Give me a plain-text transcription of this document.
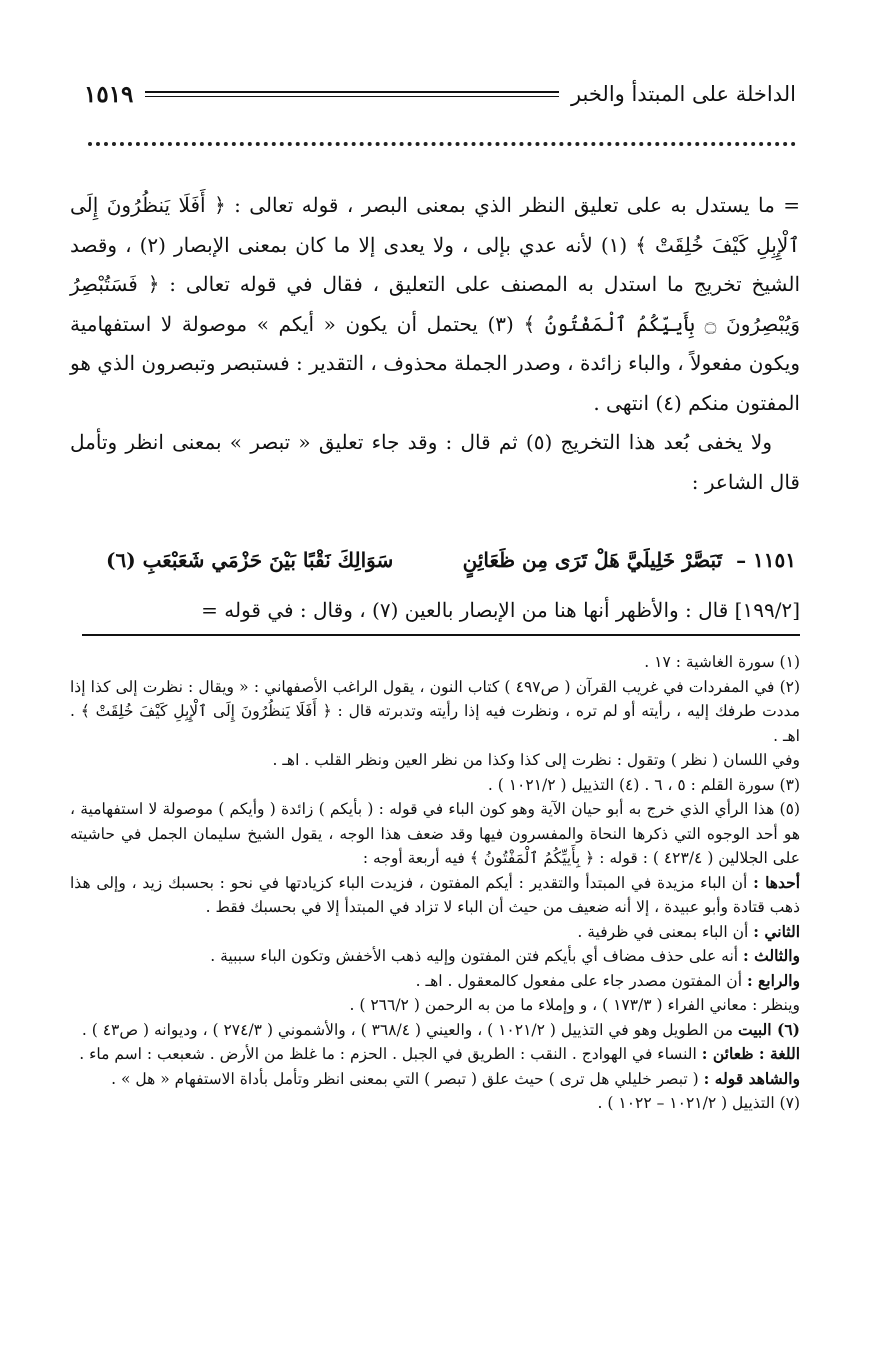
الداخلة على المبتدأ والخبر
١٥١٩

= ما يستدل به على تعليق النظر الذي بمعنى البصر ، قوله تعالى : ﴿ أَفَلَا يَنظُرُونَ إِلَى ٱلْإِبِلِ كَيْفَ خُلِقَتْ ﴾ (١) لأنه عدي بإلى ، ولا يعدى إلا ما كان بمعنى الإبصار (٢) ، وقصد الشيخ تخريج ما استدل به المصنف على التعليق ، فقال في قوله تعالى : ﴿ فَسَتُبْصِرُ وَيُبْصِرُونَ ۝ بِأَييِّكُمُ ٱلْمَفْتُونُ ﴾ (٣) يحتمل أن يكون « أيكم » موصولة لا استفهامية ويكون مفعولاً ، والباء زائدة ، وصدر الجملة محذوف ، التقدير : فستبصر وتبصرون الذي هو المفتون منكم (٤) انتهى .

ولا يخفى بُعد هذا التخريج (٥) ثم قال : وقد جاء تعليق « تبصر » بمعنى انظر وتأمل قال الشاعر :

١١٥١ –
تَبَصَّرْ خَلِيلَيَّ هَلْ تَرَى مِن ظَعَائِنٍ
سَوَالِكَ نَقْبًا بَيْنَ حَزْمَي شَعَبْعَبِ (٦)
[١٩٩/٢] قال : والأظهر أنها هنا من الإبصار بالعين (٧) ، وقال : في قوله =

(١) سورة الغاشية : ١٧ .

(٢) في المفردات في غريب القرآن ( ص٤٩٧ ) كتاب النون ، يقول الراغب الأصفهاني : « ويقال : نظرت إلى كذا إذا مددت طرفك إليه ، رأيته أو لم تره ، ونظرت فيه إذا رأيته وتدبرته قال : ﴿ أَفَلَا يَنظُرُونَ إِلَى ٱلْإِبِلِ كَيْفَ خُلِقَتْ ﴾ . اهـ .

وفي اللسان ( نظر ) وتقول : نظرت إلى كذا وكذا من نظر العين ونظر القلب . اهـ .

(٣) سورة القلم : ٥ ، ٦ . (٤) التذييل ( ١٠٢١/٢ ) .

(٥) هذا الرأي الذي خرج به أبو حيان الآية وهو كون الباء في قوله : ( بأيكم ) زائدة ( وأيكم ) موصولة لا استفهامية ، هو أحد الوجوه التي ذكرها النحاة والمفسرون فيها وقد ضعف هذا الوجه ، يقول الشيخ سليمان الجمل في حاشيته على الجلالين ( ٤٢٣/٤ ) : قوله : ﴿ بِأَييِّكُمُ ٱلْمَفْتُونُ ﴾ فيه أربعة أوجه :

أحدها : أن الباء مزيدة في المبتدأ والتقدير : أيكم المفتون ، فزيدت الباء كزيادتها في نحو : بحسبك زيد ، وإلى هذا ذهب قتادة وأبو عبيدة ، إلا أنه ضعيف من حيث أن الباء لا تزاد في المبتدأ إلا في بحسبك فقط .

الثاني : أن الباء بمعنى في ظرفية .

والثالث : أنه على حذف مضاف أي بأيكم فتن المفتون وإليه ذهب الأخفش وتكون الباء سببية .

والرابع : أن المفتون مصدر جاء على مفعول كالمعقول . اهـ .

وينظر : معاني الفراء ( ١٧٣/٣ ) ، و وإملاء ما من به الرحمن ( ٢٦٦/٢ ) .

(٦) البيت من الطويل وهو في التذييل ( ١٠٢١/٢ ) ، والعيني ( ٣٦٨/٤ ) ، والأشموني ( ٢٧٤/٣ ) ، وديوانه ( ص٤٣ ) .

اللغة : ظعائن : النساء في الهوادج . النقب : الطريق في الجبل . الحزم : ما غلظ من الأرض . شعبعب : اسم ماء .

والشاهد قوله : ( تبصر خليلي هل ترى ) حيث علق ( تبصر ) التي بمعنى انظر وتأمل بأداة الاستفهام « هل » .

(٧) التذييل ( ١٠٢١/٢ – ١٠٢٢ ) .
